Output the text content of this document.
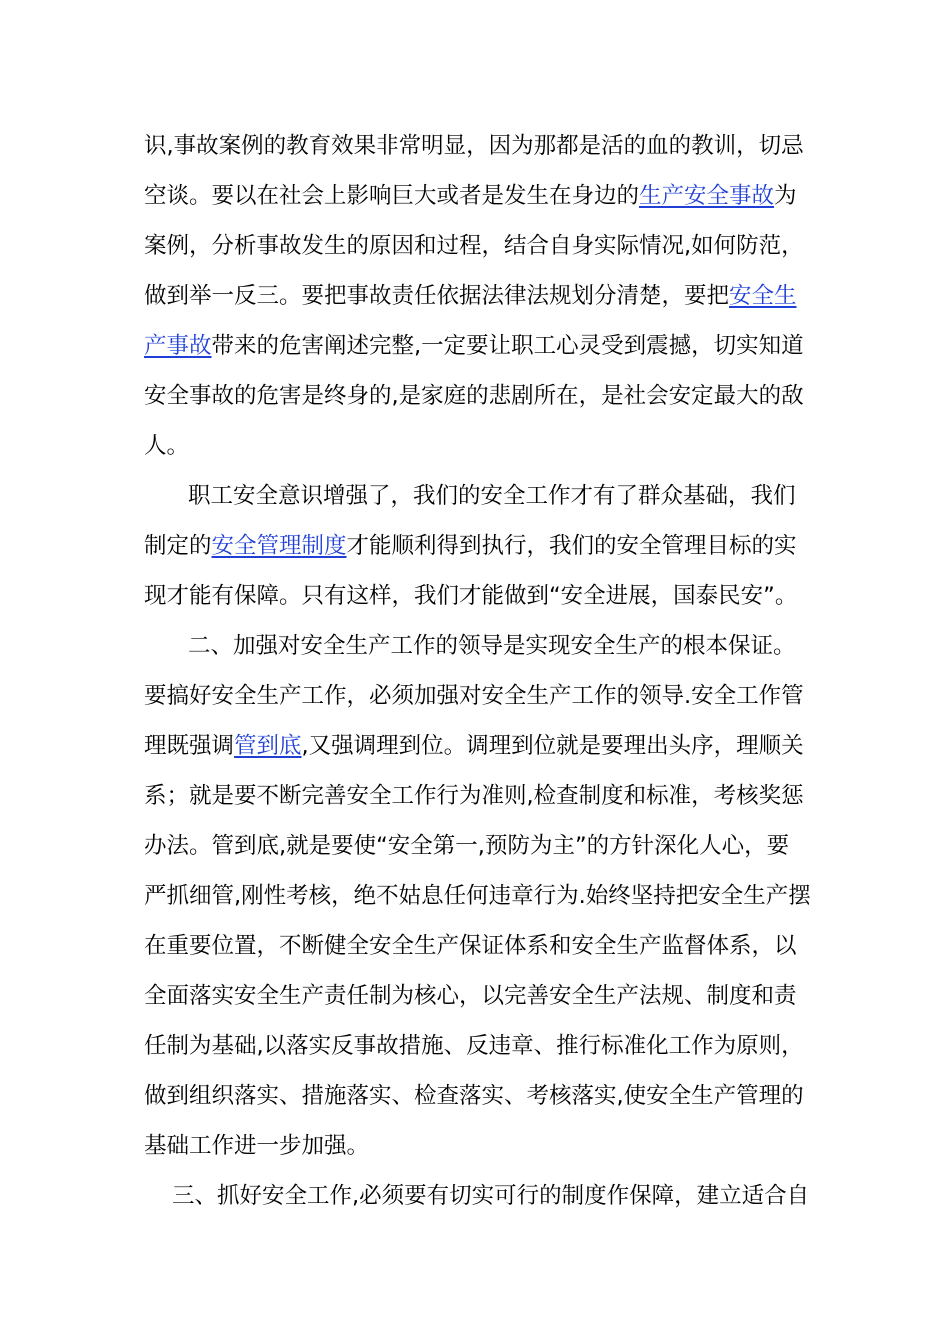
识,事故案例的教育效果非常明显，因为那都是活的血的教训，切忌
空谈。要以在社会上影响巨大或者是发生在身边的生产安全事故为
案例，分析事故发生的原因和过程，结合自身实际情况,如何防范，
做到举一反三。要把事故责任依据法律法规划分清楚，要把安全生
产事故带来的危害阐述完整,一定要让职工心灵受到震撼，切实知道
安全事故的危害是终身的,是家庭的悲剧所在，是社会安定最大的敌
人。
职工安全意识增强了，我们的安全工作才有了群众基础，我们
制定的安全管理制度才能顺利得到执行，我们的安全管理目标的实
现才能有保障。只有这样，我们才能做到“安全进展，国泰民安”。
二、加强对安全生产工作的领导是实现安全生产的根本保证。
要搞好安全生产工作，必须加强对安全生产工作的领导.安全工作管
理既强调管到底,又强调理到位。调理到位就是要理出头序，理顺关
系；就是要不断完善安全工作行为准则,检查制度和标准，考核奖惩
办法。管到底,就是要使“安全第一,预防为主”的方针深化人心，要
严抓细管,刚性考核，绝不姑息任何违章行为.始终坚持把安全生产摆
在重要位置，不断健全安全生产保证体系和安全生产监督体系，以
全面落实安全生产责任制为核心，以完善安全生产法规、制度和责
任制为基础,以落实反事故措施、反违章、推行标准化工作为原则，
做到组织落实、措施落实、检查落实、考核落实,使安全生产管理的
基础工作进一步加强。
三、抓好安全工作,必须要有切实可行的制度作保障，建立适合自
